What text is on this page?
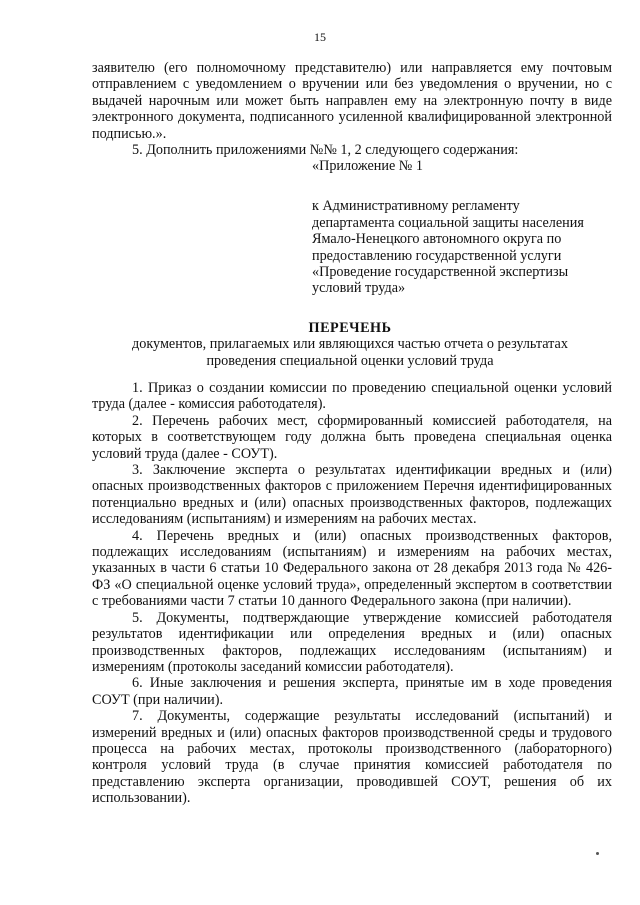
15

заявителю (его полномочному представителю) или направляется ему почтовым отправлением с уведомлением о вручении или без уведомления о вручении, но с выдачей нарочным или может быть направлен ему на электронную почту в виде электронного документа, подписанного усиленной квалифицированной электронной подписью.».

5. Дополнить приложениями №№ 1, 2 следующего содержания:

«Приложение № 1
к Административному регламенту
департамента социальной защиты населения
Ямало-Ненецкого автономного округа по
предоставлению государственной услуги
«Проведение государственной экспертизы
условий труда»
ПЕРЕЧЕНЬ
документов, прилагаемых или являющихся частью отчета о результатах
проведения специальной оценки условий труда

1. Приказ о создании комиссии по проведению специальной оценки условий труда (далее - комиссия работодателя).

2. Перечень рабочих мест, сформированный комиссией работодателя, на которых в соответствующем году должна быть проведена специальная оценка условий труда (далее - СОУТ).

3. Заключение эксперта о результатах идентификации вредных и (или) опасных производственных факторов с приложением Перечня идентифицированных потенциально вредных и (или) опасных производственных факторов, подлежащих исследованиям (испытаниям) и измерениям на рабочих местах.

4. Перечень вредных и (или) опасных производственных факторов, подлежащих исследованиям (испытаниям) и измерениям на рабочих местах, указанных в части 6 статьи 10 Федерального закона от 28 декабря 2013 года № 426-ФЗ «О специальной оценке условий труда», определенный экспертом в соответствии с требованиями части 7 статьи 10 данного Федерального закона (при наличии).

5. Документы, подтверждающие утверждение комиссией работодателя результатов идентификации или определения вредных и (или) опасных производственных факторов, подлежащих исследованиям (испытаниям) и измерениям (протоколы заседаний комиссии работодателя).

6. Иные заключения и решения эксперта, принятые им в ходе проведения СОУТ (при наличии).

7. Документы, содержащие результаты исследований (испытаний) и измерений вредных и (или) опасных факторов производственной среды и трудового процесса на рабочих местах, протоколы производственного (лабораторного) контроля условий труда (в случае принятия комиссией работодателя по представлению эксперта организации, проводившей СОУТ, решения об их использовании).
